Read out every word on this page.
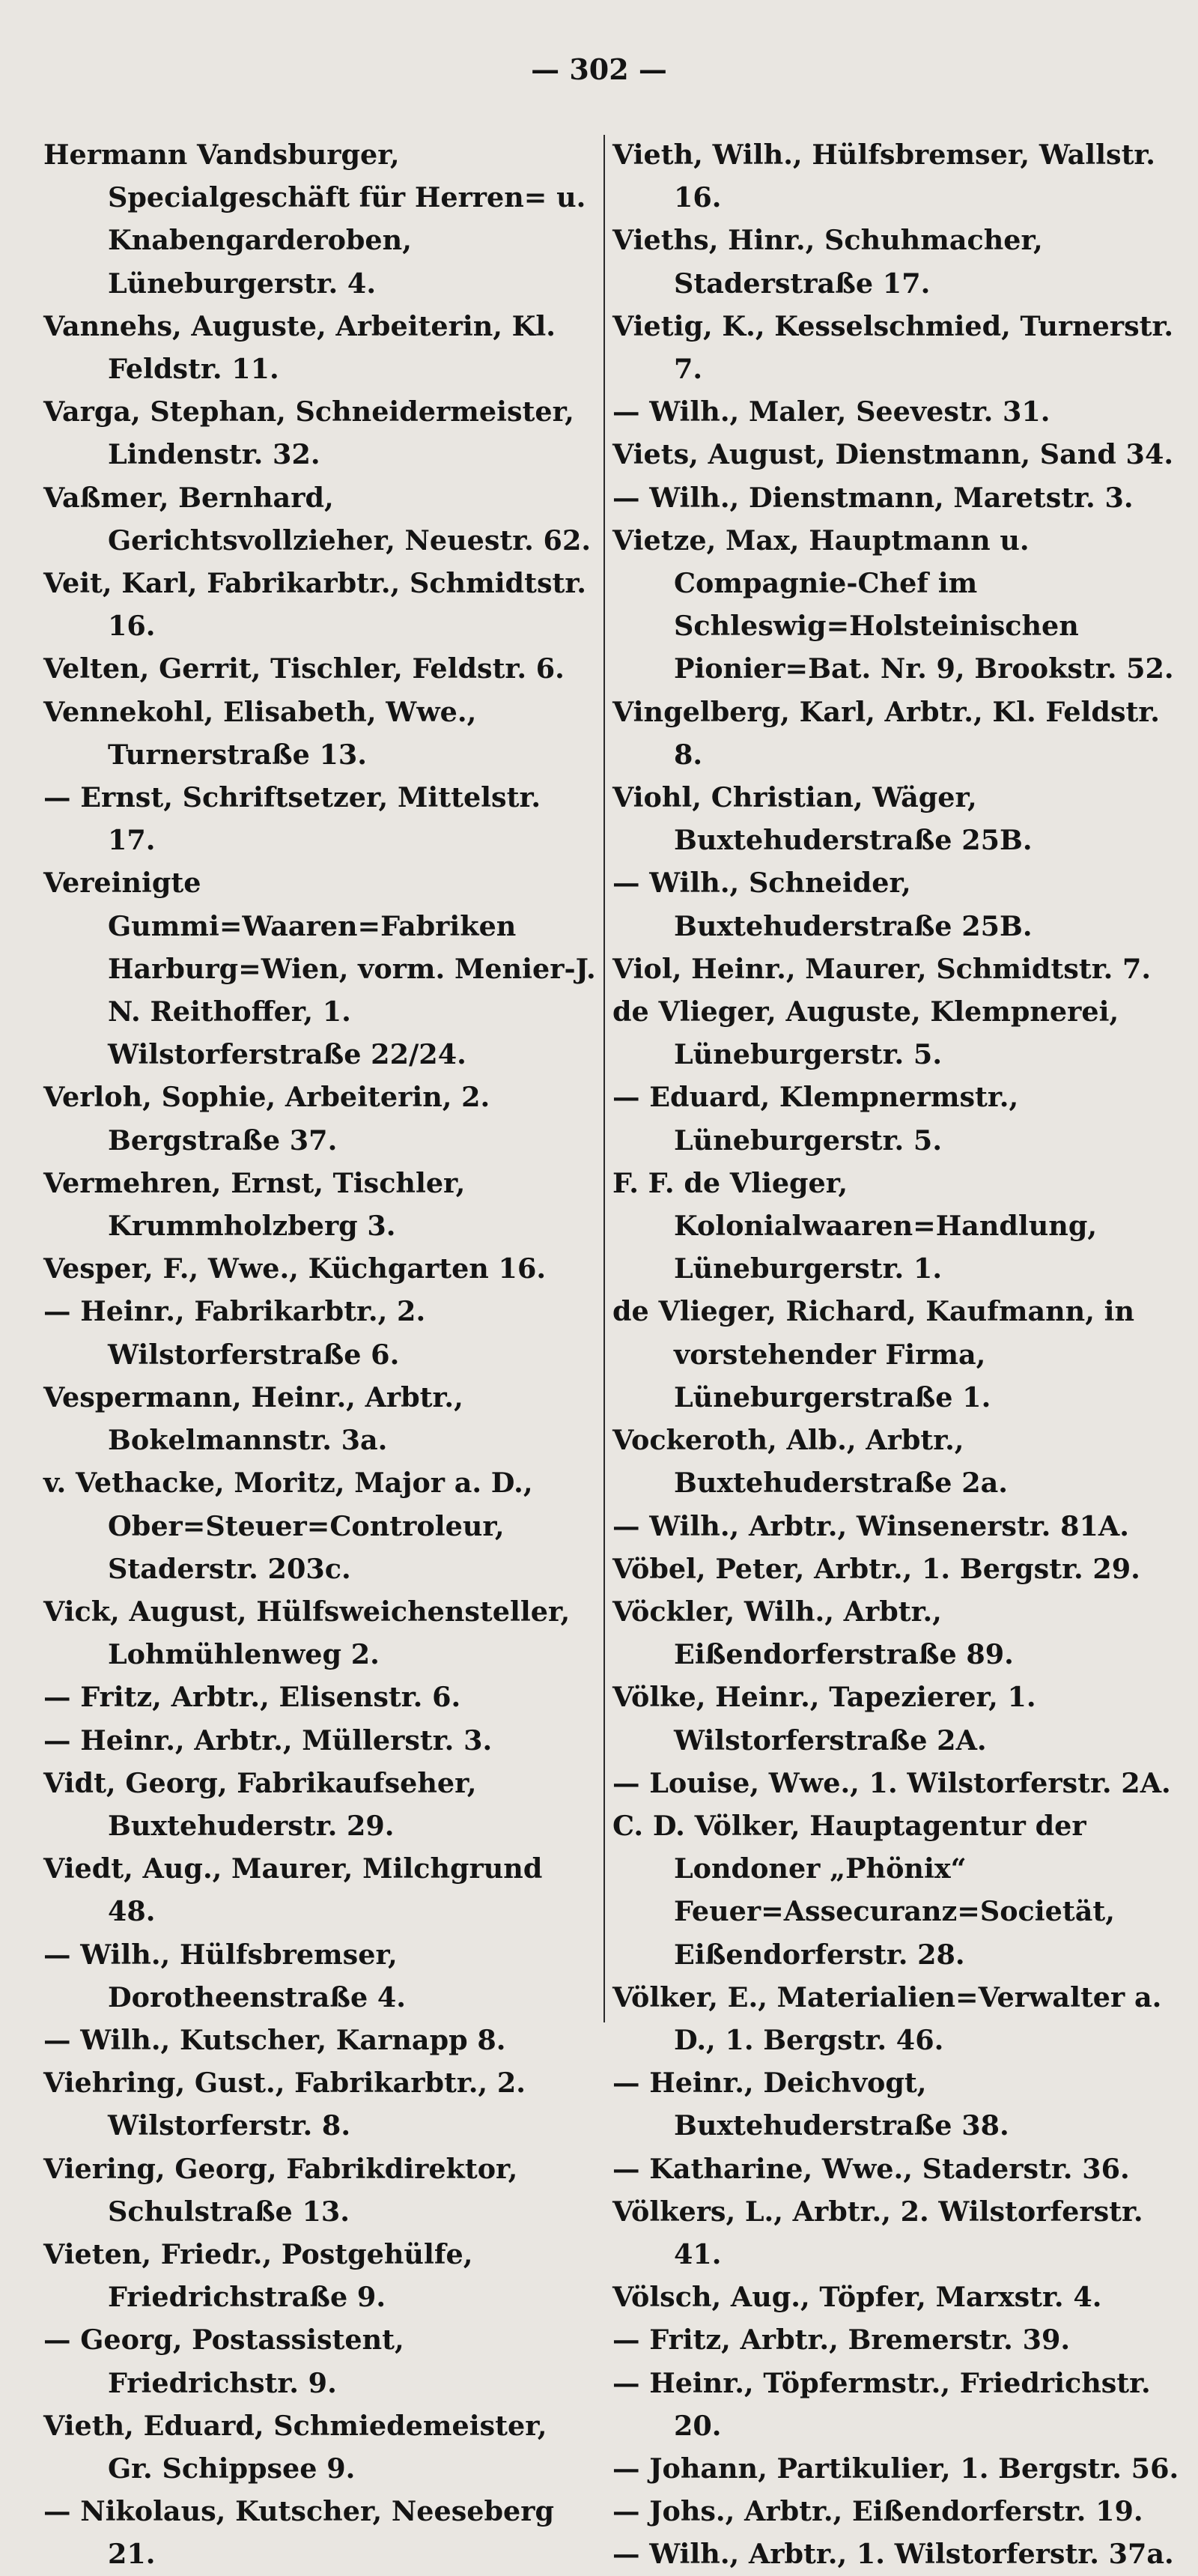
— 302 —
Hermann Vandsburger, Specialgeschäft für Herren= u. Knabengarderoben, Lüneburgerstr. 4.
Vannehs, Auguste, Arbeiterin, Kl. Feldstr. 11.
Varga, Stephan, Schneidermeister, Lindenstr. 32.
Vaßmer, Bernhard, Gerichtsvollzieher, Neuestr. 62.
Veit, Karl, Fabrikarbtr., Schmidtstr. 16.
Velten, Gerrit, Tischler, Feldstr. 6.
Vennekohl, Elisabeth, Wwe., Turnerstraße 13.
— Ernst, Schriftsetzer, Mittelstr. 17.
Vereinigte Gummi=Waaren=Fabriken Harburg=Wien, vorm. Menier-J. N. Reithoffer, 1. Wilstorferstraße 22/24.
Verloh, Sophie, Arbeiterin, 2. Bergstraße 37.
Vermehren, Ernst, Tischler, Krummholzberg 3.
Vesper, F., Wwe., Küchgarten 16.
— Heinr., Fabrikarbtr., 2. Wilstorferstraße 6.
Vespermann, Heinr., Arbtr., Bokelmannstr. 3a.
v. Vethacke, Moritz, Major a. D., Ober=Steuer=Controleur, Staderstr. 203c.
Vick, August, Hülfsweichensteller, Lohmühlenweg 2.
— Fritz, Arbtr., Elisenstr. 6.
— Heinr., Arbtr., Müllerstr. 3.
Vidt, Georg, Fabrikaufseher, Buxtehuderstr. 29.
Viedt, Aug., Maurer, Milchgrund 48.
— Wilh., Hülfsbremser, Dorotheenstraße 4.
— Wilh., Kutscher, Karnapp 8.
Viehring, Gust., Fabrikarbtr., 2. Wilstorferstr. 8.
Viering, Georg, Fabrikdirektor, Schulstraße 13.
Vieten, Friedr., Postgehülfe, Friedrichstraße 9.
— Georg, Postassistent, Friedrichstr. 9.
Vieth, Eduard, Schmiedemeister, Gr. Schippsee 9.
— Nikolaus, Kutscher, Neeseberg 21.
Vieth, Wilh., Hülfsbremser, Wallstr. 16.
Vieths, Hinr., Schuhmacher, Staderstraße 17.
Vietig, K., Kesselschmied, Turnerstr. 7.
— Wilh., Maler, Seevestr. 31.
Viets, August, Dienstmann, Sand 34.
— Wilh., Dienstmann, Maretstr. 3.
Vietze, Max, Hauptmann u. Compagnie-Chef im Schleswig=Holsteinischen Pionier=Bat. Nr. 9, Brookstr. 52.
Vingelberg, Karl, Arbtr., Kl. Feldstr. 8.
Viohl, Christian, Wäger, Buxtehuderstraße 25B.
— Wilh., Schneider, Buxtehuderstraße 25B.
Viol, Heinr., Maurer, Schmidtstr. 7.
de Vlieger, Auguste, Klempnerei, Lüneburgerstr. 5.
— Eduard, Klempnermstr., Lüneburgerstr. 5.
F. F. de Vlieger, Kolonialwaaren=Handlung, Lüneburgerstr. 1.
de Vlieger, Richard, Kaufmann, in vorstehender Firma, Lüneburgerstraße 1.
Vockeroth, Alb., Arbtr., Buxtehuderstraße 2a.
— Wilh., Arbtr., Winsenerstr. 81A.
Vöbel, Peter, Arbtr., 1. Bergstr. 29.
Vöckler, Wilh., Arbtr., Eißendorferstraße 89.
Völke, Heinr., Tapezierer, 1. Wilstorferstraße 2A.
— Louise, Wwe., 1. Wilstorferstr. 2A.
C. D. Völker, Hauptagentur der Londoner „Phönix“ Feuer=Assecuranz=Societät, Eißendorferstr. 28.
Völker, E., Materialien=Verwalter a. D., 1. Bergstr. 46.
— Heinr., Deichvogt, Buxtehuderstraße 38.
— Katharine, Wwe., Staderstr. 36.
Völkers, L., Arbtr., 2. Wilstorferstr. 41.
Völsch, Aug., Töpfer, Marxstr. 4.
— Fritz, Arbtr., Bremerstr. 39.
— Heinr., Töpfermstr., Friedrichstr. 20.
— Johann, Partikulier, 1. Bergstr. 56.
— Johs., Arbtr., Eißendorferstr. 19.
— Wilh., Arbtr., 1. Wilstorferstr. 37a.
